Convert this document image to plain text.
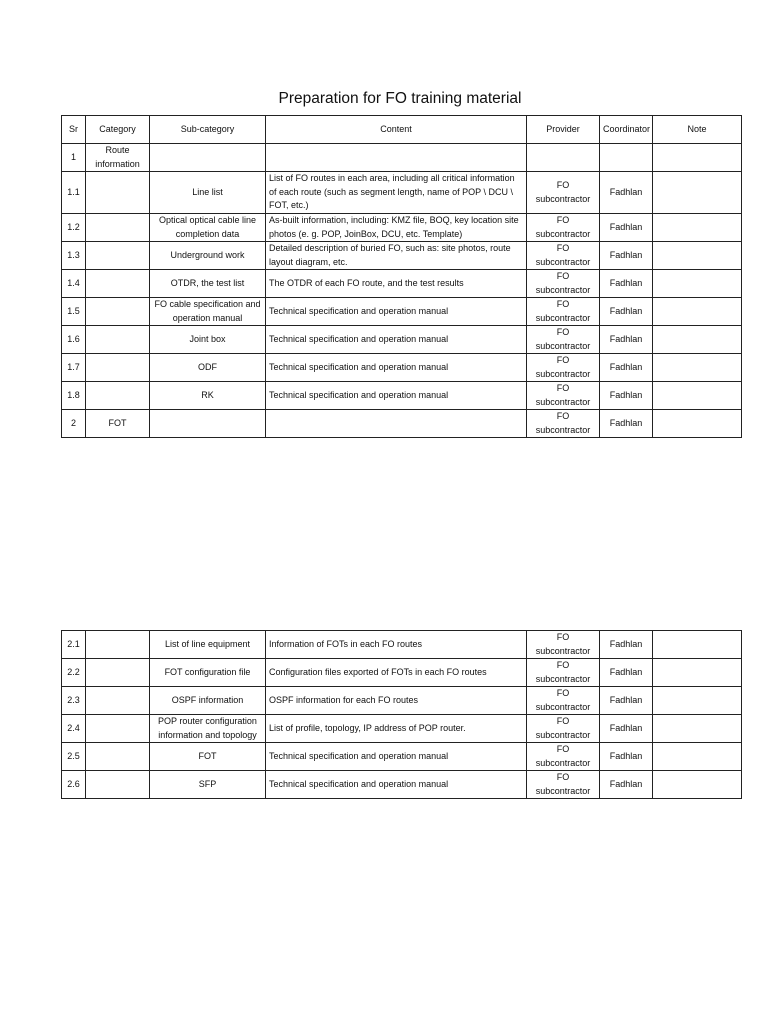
Preparation for FO training material
Sr	Category	Sub-category	Content	Provider	Coordinator	Note
1	Route information					
1.1		Line list	List of FO routes in each area, including all critical information of each route (such as segment length, name of POP \ DCU \ FOT, etc.)	FO subcontractor	Fadhlan	
1.2		Optical optical cable line completion data	As-built information, including: KMZ file, BOQ, key location site photos (e. g. POP, JoinBox, DCU, etc. Template)	FO subcontractor	Fadhlan	
1.3		Underground work	Detailed description of buried FO, such as: site photos, route layout diagram, etc.	FO subcontractor	Fadhlan	
1.4		OTDR, the test list	The OTDR of each FO route, and the test results	FO subcontractor	Fadhlan	
1.5		FO cable specification and operation manual	Technical specification and operation manual	FO subcontractor	Fadhlan	
1.6		Joint box	Technical specification and operation manual	FO subcontractor	Fadhlan	
1.7		ODF	Technical specification and operation manual	FO subcontractor	Fadhlan	
1.8		RK	Technical specification and operation manual	FO subcontractor	Fadhlan	
2	FOT			FO subcontractor	Fadhlan	
2.1		List of line equipment	Information of FOTs in each FO routes	FO subcontractor	Fadhlan	
2.2		FOT configuration file	Configuration files exported of FOTs in each FO routes	FO subcontractor	Fadhlan	
2.3		OSPF information	OSPF information for each FO routes	FO subcontractor	Fadhlan	
2.4		POP router configuration information and topology	List of profile, topology, IP address of POP router.	FO subcontractor	Fadhlan	
2.5		FOT	Technical specification and operation manual	FO subcontractor	Fadhlan	
2.6		SFP	Technical specification and operation manual	FO subcontractor	Fadhlan	
